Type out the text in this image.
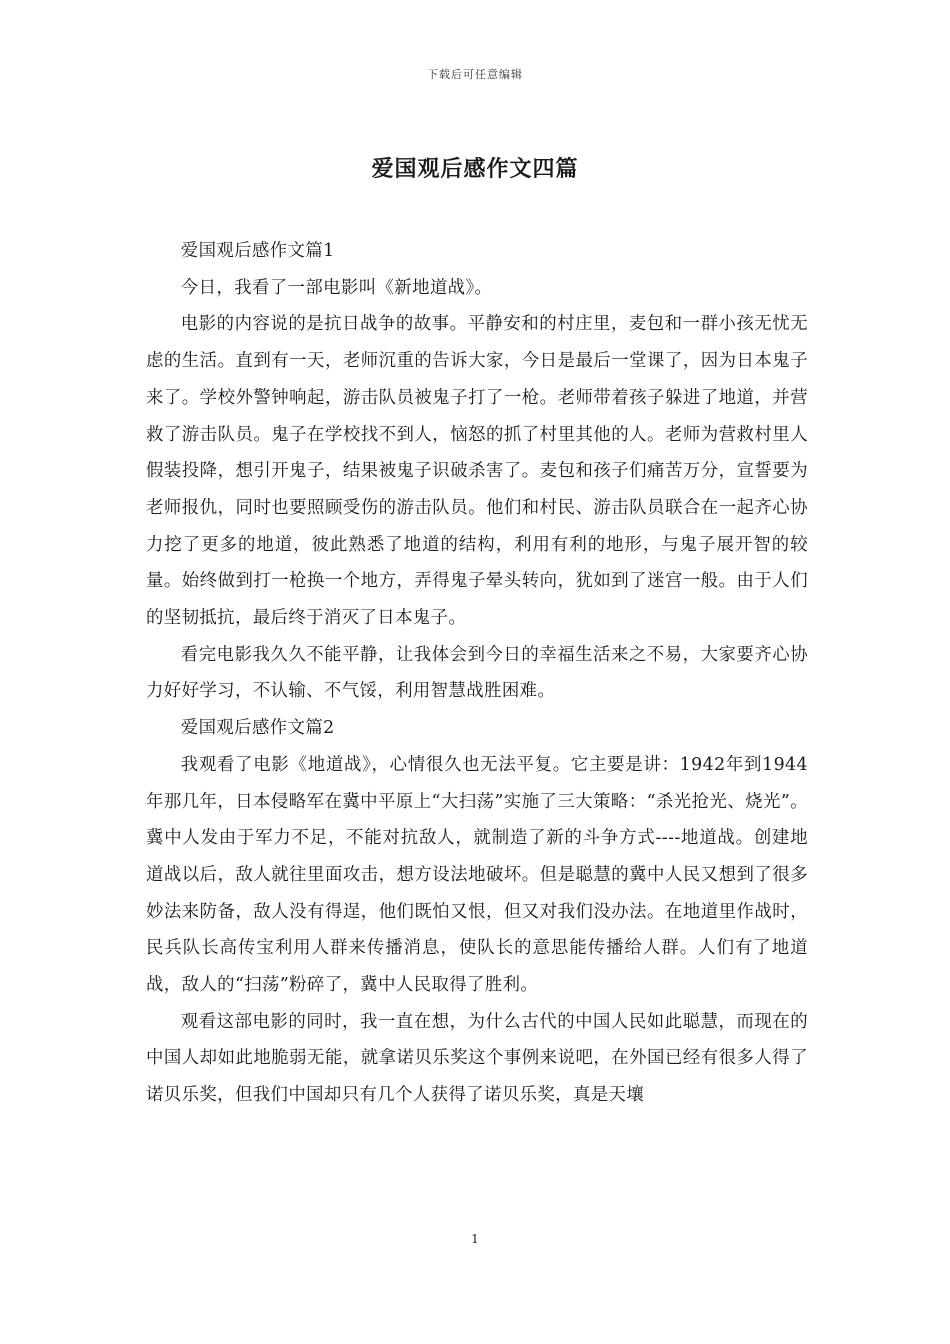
下载后可任意编辑
爱国观后感作文四篇

爱国观后感作文篇1

今日，我看了一部电影叫《新地道战》。

电影的内容说的是抗日战争的故事。平静安和的村庄里，麦包和一群小孩无忧无虑的生活。直到有一天，老师沉重的告诉大家，今日是最后一堂课了，因为日本鬼子来了。学校外警钟响起，游击队员被鬼子打了一枪。老师带着孩子躲进了地道，并营救了游击队员。鬼子在学校找不到人，恼怒的抓了村里其他的人。老师为营救村里人假装投降，想引开鬼子，结果被鬼子识破杀害了。麦包和孩子们痛苦万分，宣誓要为老师报仇，同时也要照顾受伤的游击队员。他们和村民、游击队员联合在一起齐心协力挖了更多的地道，彼此熟悉了地道的结构，利用有利的地形，与鬼子展开智的较量。始终做到打一枪换一个地方，弄得鬼子晕头转向，犹如到了迷宫一般。由于人们的坚韧抵抗，最后终于消灭了日本鬼子。

看完电影我久久不能平静，让我体会到今日的幸福生活来之不易，大家要齐心协力好好学习，不认输、不气馁，利用智慧战胜困难。

爱国观后感作文篇2

我观看了电影《地道战》，心情很久也无法平复。它主要是讲：1942年到1944年那几年，日本侵略军在冀中平原上“大扫荡”实施了三大策略：“杀光抢光、烧光”。冀中人发由于军力不足，不能对抗敌人，就制造了新的斗争方式----地道战。创建地道战以后，敌人就往里面攻击，想方设法地破坏。但是聪慧的冀中人民又想到了很多妙法来防备，敌人没有得逞，他们既怕又恨，但又对我们没办法。在地道里作战时，民兵队长高传宝利用人群来传播消息，使队长的意思能传播给人群。人们有了地道战，敌人的“扫荡”粉碎了，冀中人民取得了胜利。

观看这部电影的同时，我一直在想，为什么古代的中国人民如此聪慧，而现在的中国人却如此地脆弱无能，就拿诺贝乐奖这个事例来说吧，在外国已经有很多人得了诺贝乐奖，但我们中国却只有几个人获得了诺贝乐奖，真是天壤

1
